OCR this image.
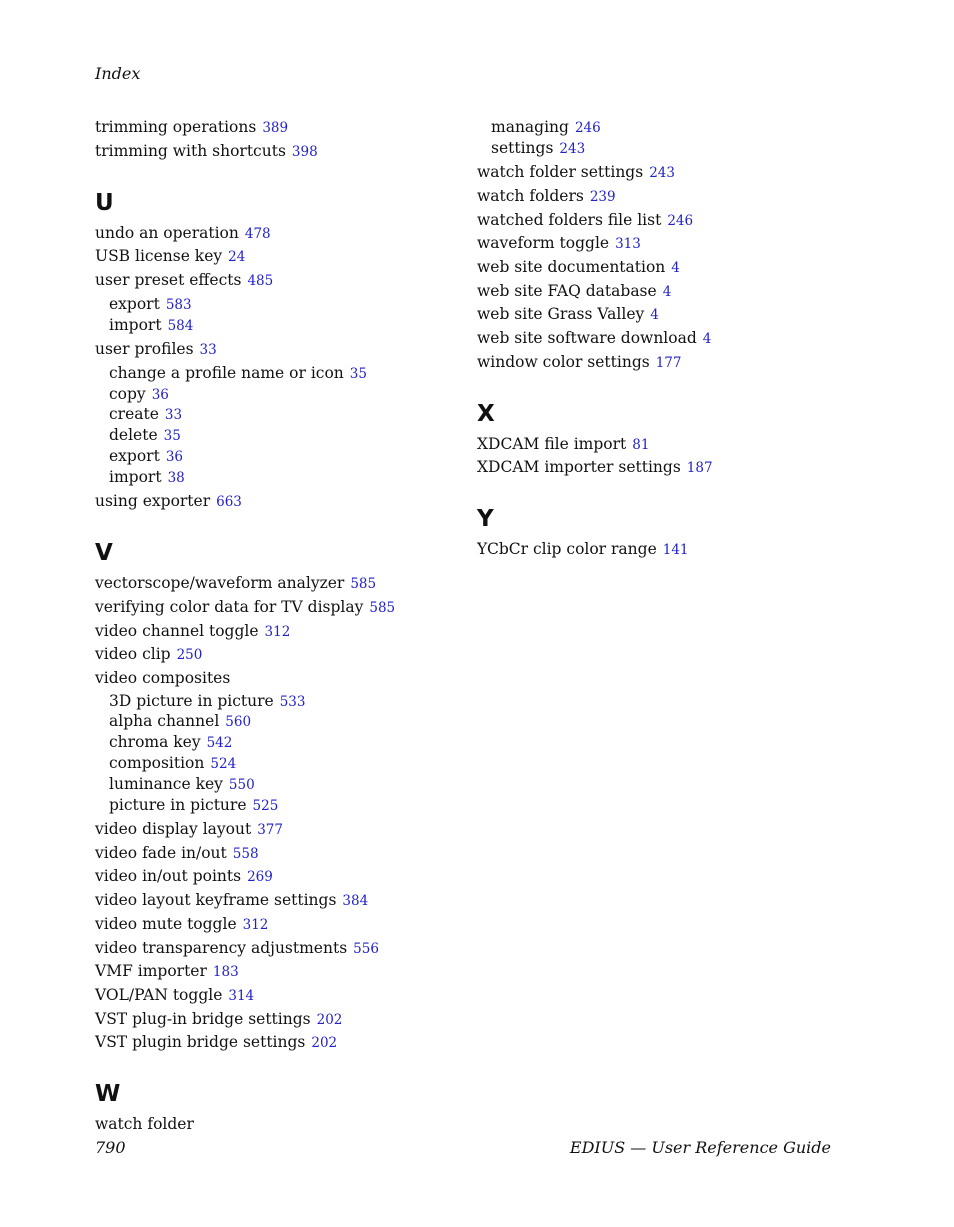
Index
trimming operations 389
trimming with shortcuts 398
U
undo an operation 478
USB license key 24
user preset effects 485
export 583
import 584
user profiles 33
change a profile name or icon 35
copy 36
create 33
delete 35
export 36
import 38
using exporter 663
V
vectorscope/waveform analyzer 585
verifying color data for TV display 585
video channel toggle 312
video clip 250
video composites
3D picture in picture 533
alpha channel 560
chroma key 542
composition 524
luminance key 550
picture in picture 525
video display layout 377
video fade in/out 558
video in/out points 269
video layout keyframe settings 384
video mute toggle 312
video transparency adjustments 556
VMF importer 183
VOL/PAN toggle 314
VST plug-in bridge settings 202
VST plugin bridge settings 202
W
watch folder
managing 246
settings 243
watch folder settings 243
watch folders 239
watched folders file list 246
waveform toggle 313
web site documentation 4
web site FAQ database 4
web site Grass Valley 4
web site software download 4
window color settings 177
X
XDCAM file import 81
XDCAM importer settings 187
Y
YCbCr clip color range 141
790	EDIUS — User Reference Guide
